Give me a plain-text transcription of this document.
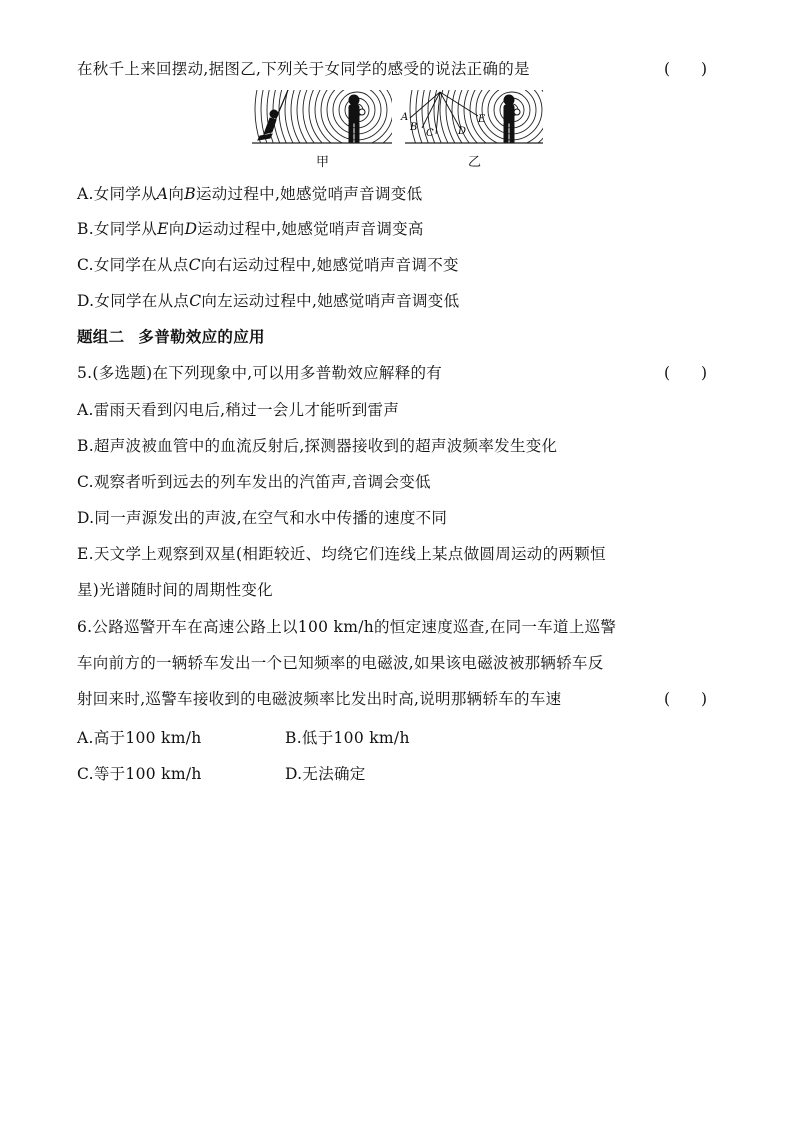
在秋千上来回摆动,据图乙,下列关于女同学的感受的说法正确的是	(　　)
A
B
C D
E
甲	乙
A.女同学从A向B运动过程中,她感觉哨声音调变低
B.女同学从E向D运动过程中,她感觉哨声音调变高
C.女同学在从点C向右运动过程中,她感觉哨声音调不变
D.女同学在从点C向左运动过程中,她感觉哨声音调变低
题组二 多普勒效应的应用
5.(多选题)在下列现象中,可以用多普勒效应解释的有	(　　)
A.雷雨天看到闪电后,稍过一会儿才能听到雷声
B.超声波被血管中的血流反射后,探测器接收到的超声波频率发生变化
C.观察者听到远去的列车发出的汽笛声,音调会变低
D.同一声源发出的声波,在空气和水中传播的速度不同
E.天文学上观察到双星(相距较近、均绕它们连线上某点做圆周运动的两颗恒
星)光谱随时间的周期性变化
6.公路巡警开车在高速公路上以100 km/h的恒定速度巡查,在同一车道上巡警
车向前方的一辆轿车发出一个已知频率的电磁波,如果该电磁波被那辆轿车反
射回来时,巡警车接收到的电磁波频率比发出时高,说明那辆轿车的车速	(　　)
A.高于100 km/h	B.低于100 km/h
C.等于100 km/h	D.无法确定
